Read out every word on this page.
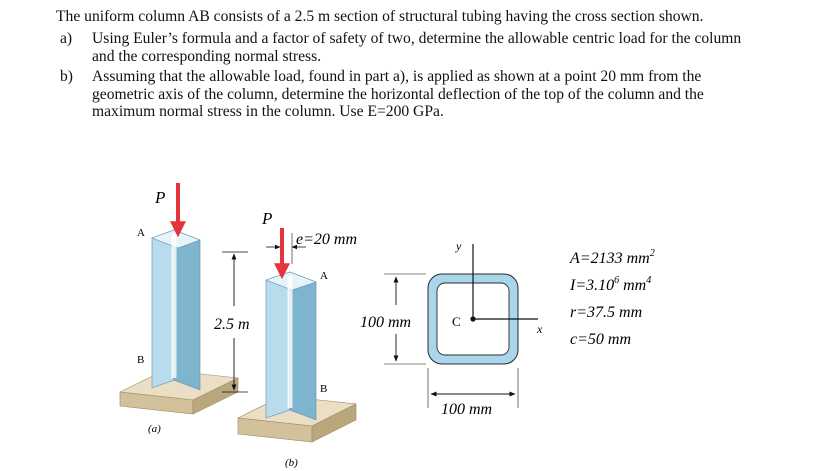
The uniform column AB consists of a 2.5 m section of structural tubing having the cross section shown.

a) Using Euler’s formula and a factor of safety of two, determine the allowable centric load for the column and the corresponding normal stress.
b) Assuming that the allowable load, found in part a), is applied as shown at a point 20 mm from the geometric axis of the column, determine the horizontal deflection of the top of the column and the maximum normal stress in the column. Use E=200 GPa.
P
A
B
(a)
2.5 m
P
e=20 mm
A
B
(b)
C
y
x
100 mm
100 mm
A=2133 $mm^2$
$I=3.10^6$ $mm^4$
r=37.5 mm
c=50 mm
